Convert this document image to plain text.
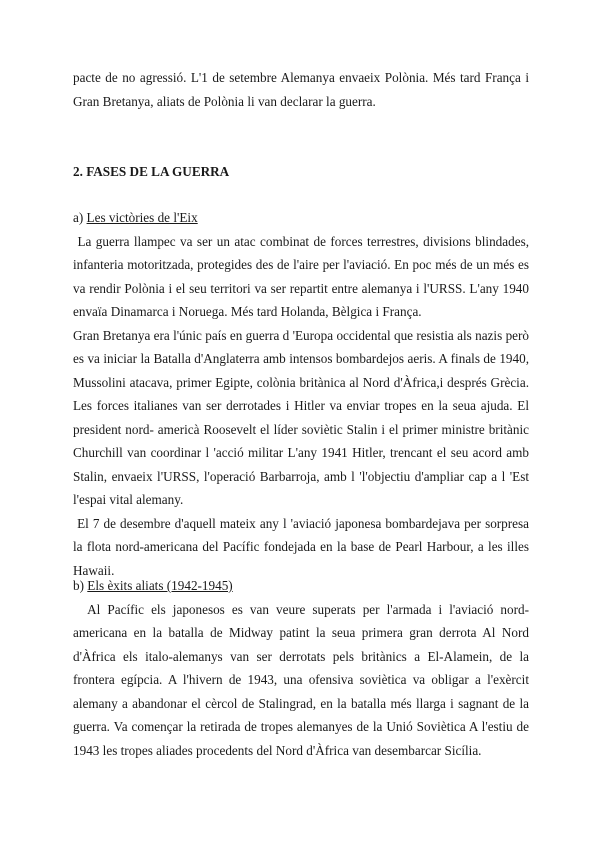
pacte de no agressió. L'1 de setembre Alemanya envaeix Polònia. Més tard França i Gran Bretanya, aliats de Polònia li van declarar la guerra.

2. FASES DE LA GUERRA

a) Les victòries de l'Eix

La guerra llampec va ser un atac combinat de forces terrestres, divisions blindades, infanteria motoritzada, protegides des de l'aire per l'aviació. En poc més de un més es va rendir Polònia i el seu territori va ser repartit entre alemanya i l'URSS. L'any 1940 envaïa Dinamarca i Noruega. Més tard Holanda, Bèlgica i França.

Gran Bretanya era l'únic país en guerra d 'Europa occidental que resistia als nazis però es va iniciar la Batalla d'Anglaterra amb intensos bombardejos aeris. A finals de 1940, Mussolini atacava, primer Egipte, colònia britànica al Nord d'Àfrica,i després Grècia. Les forces italianes van ser derrotades i Hitler va enviar tropes en la seua ajuda. El president nord- americà Roosevelt el líder soviètic Stalin i el primer ministre britànic Churchill van coordinar l 'acció militar L'any 1941 Hitler, trencant el seu acord amb Stalin, envaeix l'URSS, l'operació Barbarroja, amb l 'l'objectiu d'ampliar cap a l 'Est l'espai vital alemany.

El 7 de desembre d'aquell mateix any l 'aviació japonesa bombardejava per sorpresa la flota nord-americana del Pacífic fondejada en la base de Pearl Harbour, a les illes Hawaii.

b) Els èxits aliats (1942-1945)

Al Pacífic els japonesos es van veure superats per l'armada i l'aviació nord-americana en la batalla de Midway patint la seua primera gran derrota Al Nord d'Àfrica els italo-alemanys van ser derrotats pels britànics a El-Alamein, de la frontera egípcia. A l'hivern de 1943, una ofensiva soviètica va obligar a l'exèrcit alemany a abandonar el cèrcol de Stalingrad, en la batalla més llarga i sagnant de la guerra. Va començar la retirada de tropes alemanyes de la Unió Soviètica A l'estiu de 1943 les tropes aliades procedents del Nord d'Àfrica van desembarcar Sicília.
